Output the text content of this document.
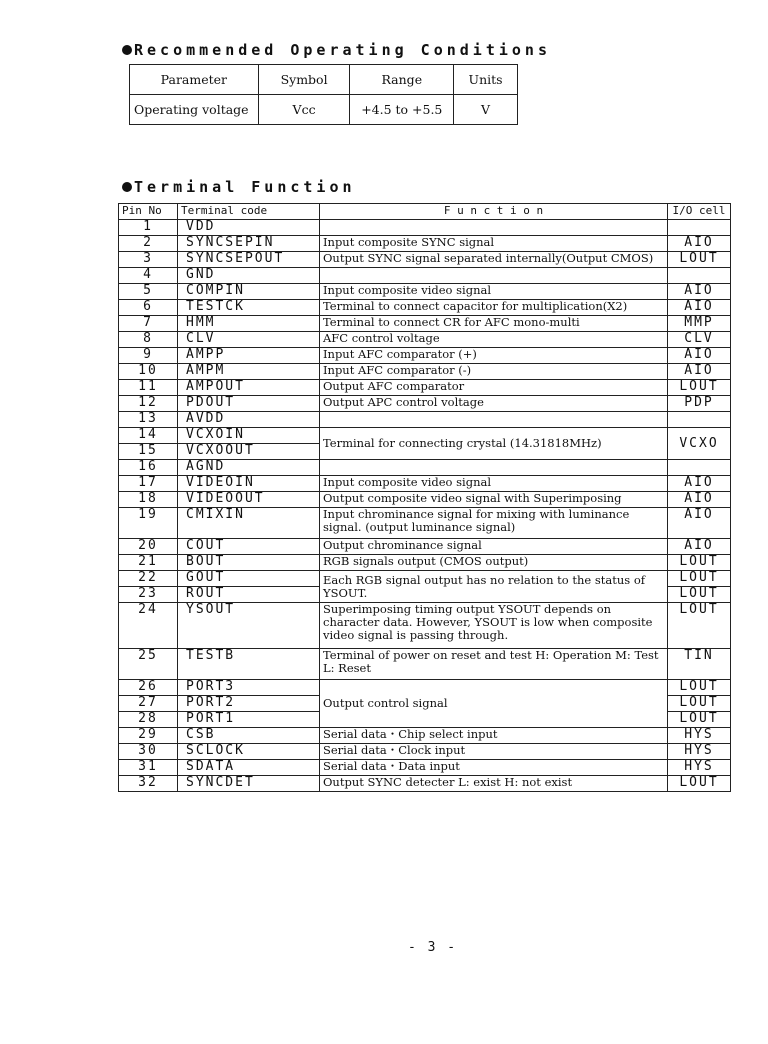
Recommended Operating Conditions
Parameter	Symbol	Range	Units
Operating voltage	Vcc	+4.5 to +5.5	V
Terminal Function
Pin No	Terminal code	F u n c t i o n	I/O cell
1	VDD		
2	SYNCSEPIN	Input composite SYNC signal	AIO
3	SYNCSEPOUT	Output SYNC signal separated internally(Output CMOS)	LOUT
4	GND		
5	COMPIN	Input composite video signal	AIO
6	TESTCK	Terminal to connect capacitor for multiplication(X2)	AIO
7	HMM	Terminal to connect CR for AFC mono-multi	MMP
8	CLV	AFC control voltage	CLV
9	AMPP	Input AFC comparator (+)	AIO
10	AMPM	Input AFC comparator (-)	AIO
11	AMPOUT	Output AFC comparator	LOUT
12	PDOUT	Output APC control voltage	PDP
13	AVDD		
14	VCXOIN	Terminal for connecting crystal (14.31818MHz)	VCXO
15	VCXOOUT		
16	AGND		
17	VIDEOIN	Input composite video signal	AIO
18	VIDEOOUT	Output composite video signal with Superimposing	AIO
19	CMIXIN	Input chrominance signal for mixing with luminance signal. (output luminance signal)	AIO
20	COUT	Output chrominance signal	AIO
21	BOUT	RGB signals output (CMOS output)	LOUT
22	GOUT	Each RGB signal output has no relation to the status of YSOUT.	LOUT
23	ROUT		LOUT
24	YSOUT	Superimposing timing output YSOUT depends on character data. However, YSOUT is low when composite video signal is passing through.	LOUT
25	TESTB	Terminal of power on reset and test H: Operation M: Test L: Reset	TIN
26	PORT3	Output control signal	LOUT
27	PORT2		LOUT
28	PORT1		LOUT
29	CSB	Serial data・Chip select input	HYS
30	SCLOCK	Serial data・Clock input	HYS
31	SDATA	Serial data・Data input	HYS
32	SYNCDET	Output SYNC detecter L: exist H: not exist	LOUT
- 3 -
